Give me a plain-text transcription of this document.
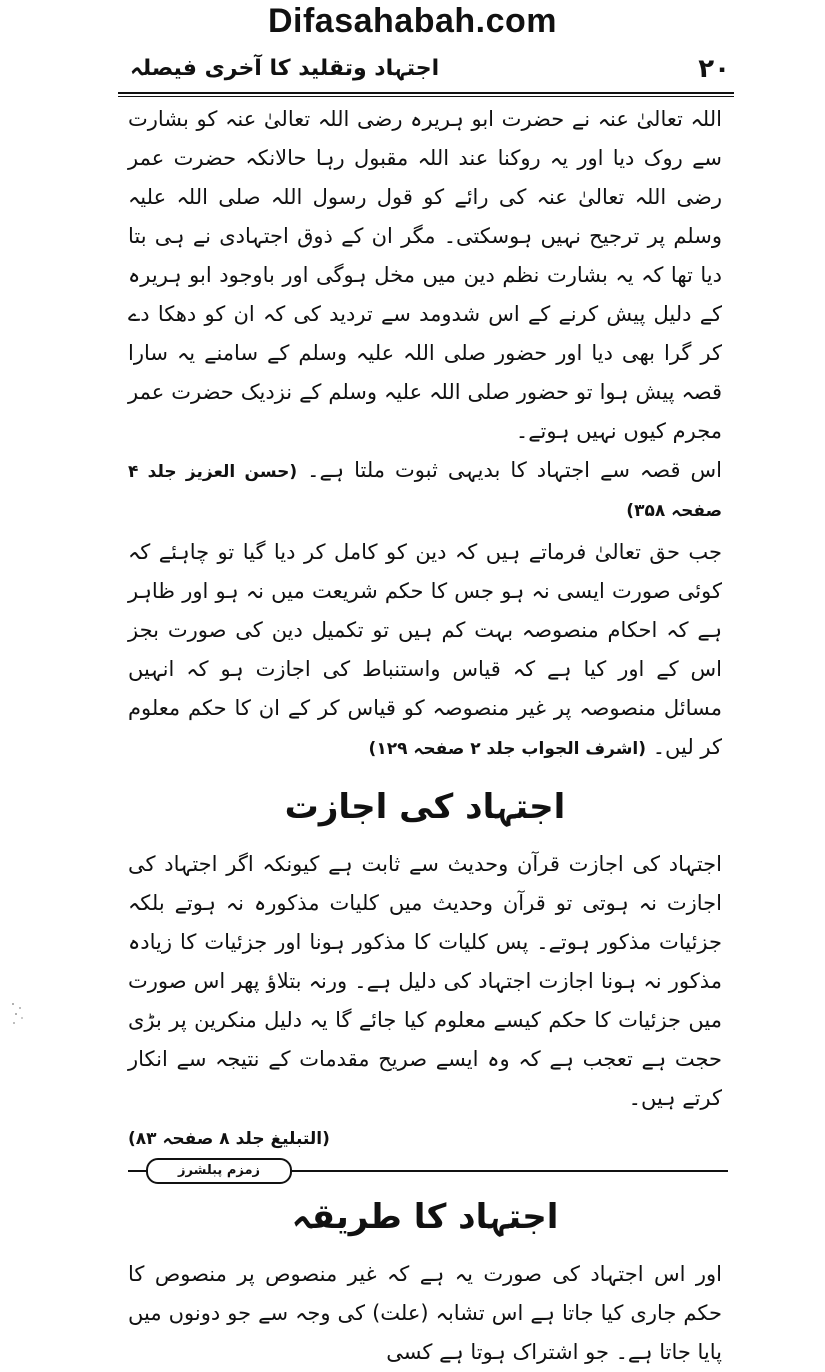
Difasahabah.com
٢٠
اجتہاد وتقلید کا آخری فیصلہ

اللہ تعالیٰ عنہ نے حضرت ابو ہریرہ رضی اللہ تعالیٰ عنہ کو بشارت سے روک دیا اور یہ روکنا عند اللہ مقبول رہا حالانکہ حضرت عمر رضی اللہ تعالیٰ عنہ کی رائے کو قول رسول اللہ صلی اللہ علیہ وسلم پر ترجیح نہیں ہوسکتی۔ مگر ان کے ذوق اجتہادی نے ہی بتا دیا تھا کہ یہ بشارت نظم دین میں مخل ہوگی اور باوجود ابو ہریرہ کے دلیل پیش کرنے کے اس شدومد سے تردید کی کہ ان کو دھکا دے کر گرا بھی دیا اور حضور صلی اللہ علیہ وسلم کے سامنے یہ سارا قصہ پیش ہوا تو حضور صلی اللہ علیہ وسلم کے نزدیک حضرت عمر مجرم کیوں نہیں ہوتے۔

اس قصہ سے اجتہاد کا بدیہی ثبوت ملتا ہے۔ (حسن العزیز جلد ۴ صفحہ ۳۵۸)

جب حق تعالیٰ فرماتے ہیں کہ دین کو کامل کر دیا گیا تو چاہئے کہ کوئی صورت ایسی نہ ہو جس کا حکم شریعت میں نہ ہو اور ظاہر ہے کہ احکام منصوصہ بہت کم ہیں تو تکمیل دین کی صورت بجز اس کے اور کیا ہے کہ قیاس واستنباط کی اجازت ہو کہ انہیں مسائل منصوصہ پر غیر منصوصہ کو قیاس کر کے ان کا حکم معلوم کر لیں۔ (اشرف الجواب جلد ۲ صفحہ ۱۲۹)

اجتہاد کی اجازت

اجتہاد کی اجازت قرآن وحدیث سے ثابت ہے کیونکہ اگر اجتہاد کی اجازت نہ ہوتی تو قرآن وحدیث میں کلیات مذکورہ نہ ہوتے بلکہ جزئیات مذکور ہوتے۔ پس کلیات کا مذکور ہونا اور جزئیات کا زیادہ مذکور نہ ہونا اجازت اجتہاد کی دلیل ہے۔ ورنہ بتلاؤ پھر اس صورت میں جزئیات کا حکم کیسے معلوم کیا جائے گا یہ دلیل منکرین پر بڑی حجت ہے تعجب ہے کہ وہ ایسے صریح مقدمات کے نتیجہ سے انکار کرتے ہیں۔

(التبلیغ جلد ۸ صفحہ ۸۳)
اجتہاد کا طریقہ

اور اس اجتہاد کی صورت یہ ہے کہ غیر منصوص پر منصوص کا حکم جاری کیا جاتا ہے اس تشابہ (علت) کی وجہ سے جو دونوں میں پایا جاتا ہے۔ جو اشتراک ہوتا ہے کسی

زمزم پبلشرز
